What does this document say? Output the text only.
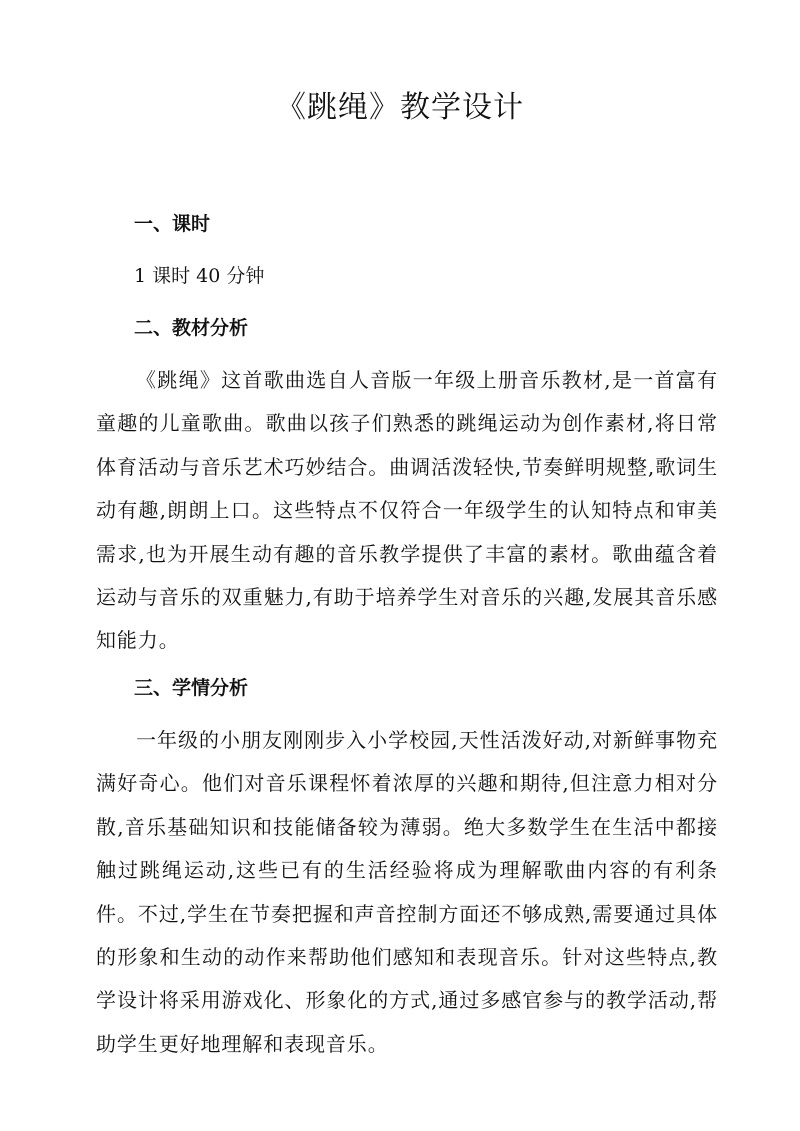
《跳绳》教学设计
一、课时

1 课时 40 分钟

二、教材分析

《跳绳》这首歌曲选自人音版一年级上册音乐教材,是一首富有童趣的儿童歌曲。歌曲以孩子们熟悉的跳绳运动为创作素材,将日常体育活动与音乐艺术巧妙结合。曲调活泼轻快,节奏鲜明规整,歌词生动有趣,朗朗上口。这些特点不仅符合一年级学生的认知特点和审美需求,也为开展生动有趣的音乐教学提供了丰富的素材。歌曲蕴含着运动与音乐的双重魅力,有助于培养学生对音乐的兴趣,发展其音乐感知能力。

三、学情分析

一年级的小朋友刚刚步入小学校园,天性活泼好动,对新鲜事物充满好奇心。他们对音乐课程怀着浓厚的兴趣和期待,但注意力相对分散,音乐基础知识和技能储备较为薄弱。绝大多数学生在生活中都接触过跳绳运动,这些已有的生活经验将成为理解歌曲内容的有利条件。不过,学生在节奏把握和声音控制方面还不够成熟,需要通过具体的形象和生动的动作来帮助他们感知和表现音乐。针对这些特点,教学设计将采用游戏化、形象化的方式,通过多感官参与的教学活动,帮助学生更好地理解和表现音乐。
